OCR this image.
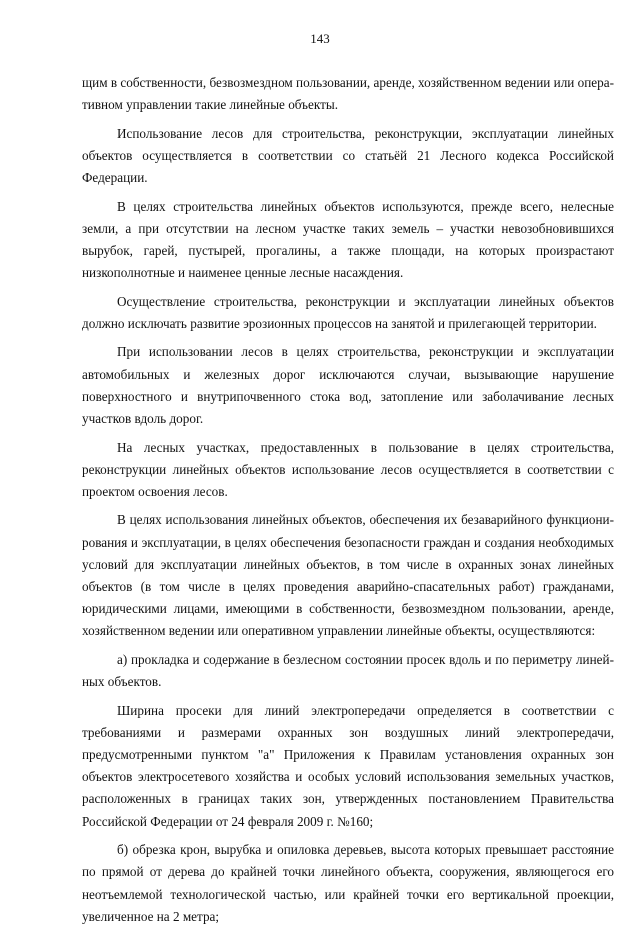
143

щим в собственности, безвозмездном пользовании, аренде, хозяйственном ведении или оперативном управлении такие линейные объекты.

Использование лесов для строительства, реконструкции, эксплуатации линейных объектов осуществляется в соответствии со статьёй 21 Лесного кодекса Российской Федерации.

В целях строительства линейных объектов используются, прежде всего, нелесные земли, а при отсутствии на лесном участке таких земель – участки невозобновившихся вырубок, гарей, пустырей, прогалины, а также площади, на которых произрастают низкополнотные и наименее ценные лесные насаждения.

Осуществление строительства, реконструкции и эксплуатации линейных объектов должно исключать развитие эрозионных процессов на занятой и прилегающей территории.

При использовании лесов в целях строительства, реконструкции и эксплуатации автомобильных и железных дорог исключаются случаи, вызывающие нарушение поверхностного и внутрипочвенного стока вод, затопление или заболачивание лесных участков вдоль дорог.

На лесных участках, предоставленных в пользование в целях строительства, реконструкции линейных объектов использование лесов осуществляется в соответствии с проектом освоения лесов.

В целях использования линейных объектов, обеспечения их безаварийного функционирования и эксплуатации, в целях обеспечения безопасности граждан и создания необходимых условий для эксплуатации линейных объектов, в том числе в охранных зонах линейных объектов (в том числе в целях проведения аварийно-спасательных работ) гражданами, юридическими лицами, имеющими в собственности, безвозмездном пользовании, аренде, хозяйственном ведении или оперативном управлении линейные объекты, осуществляются:

а) прокладка и содержание в безлесном состоянии просек вдоль и по периметру линейных объектов.

Ширина просеки для линий электропередачи определяется в соответствии с требованиями и размерами охранных зон воздушных линий электропередачи, предусмотренными пунктом "а" Приложения к Правилам установления охранных зон объектов электросетевого хозяйства и особых условий использования земельных участков, расположенных в границах таких зон, утвержденных постановлением Правительства Российской Федерации от 24 февраля 2009 г. №160;

б) обрезка крон, вырубка и опиловка деревьев, высота которых превышает расстояние по прямой от дерева до крайней точки линейного объекта, сооружения, являющегося его неотъемлемой технологической частью, или крайней точки его вертикальной проекции, увеличенное на 2 метра;
